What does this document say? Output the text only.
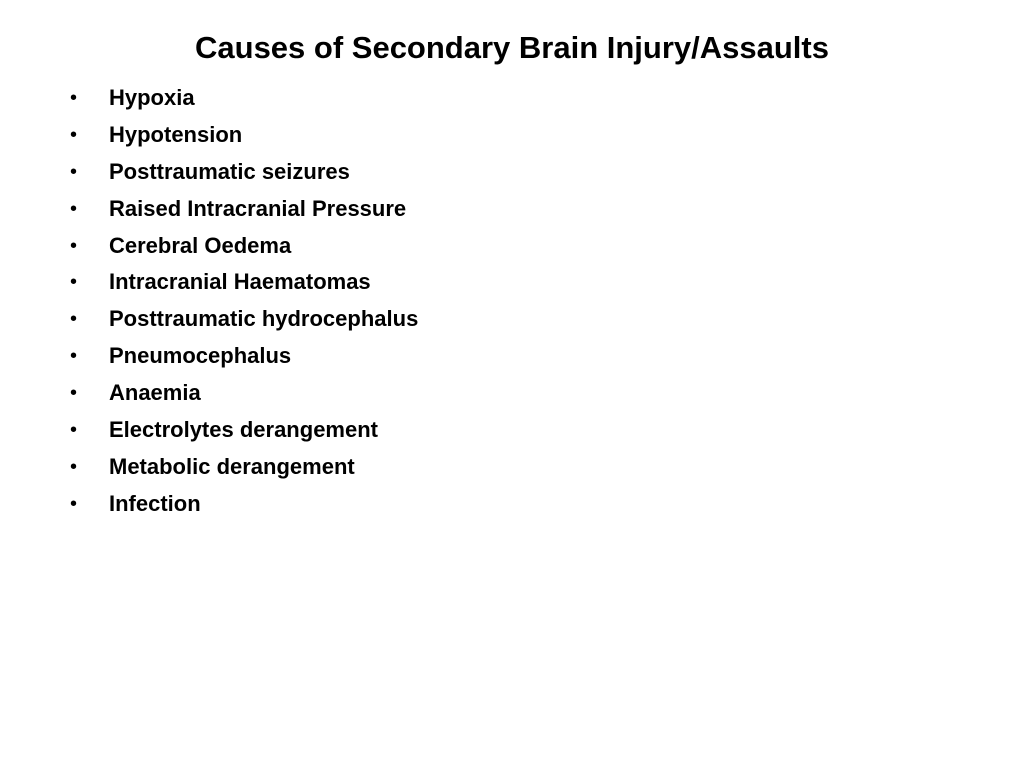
Causes of Secondary Brain Injury/Assaults
• Hypoxia
• Hypotension
• Posttraumatic seizures
• Raised Intracranial Pressure
• Cerebral Oedema
• Intracranial Haematomas
• Posttraumatic hydrocephalus
• Pneumocephalus
• Anaemia
• Electrolytes derangement
• Metabolic derangement
• Infection
